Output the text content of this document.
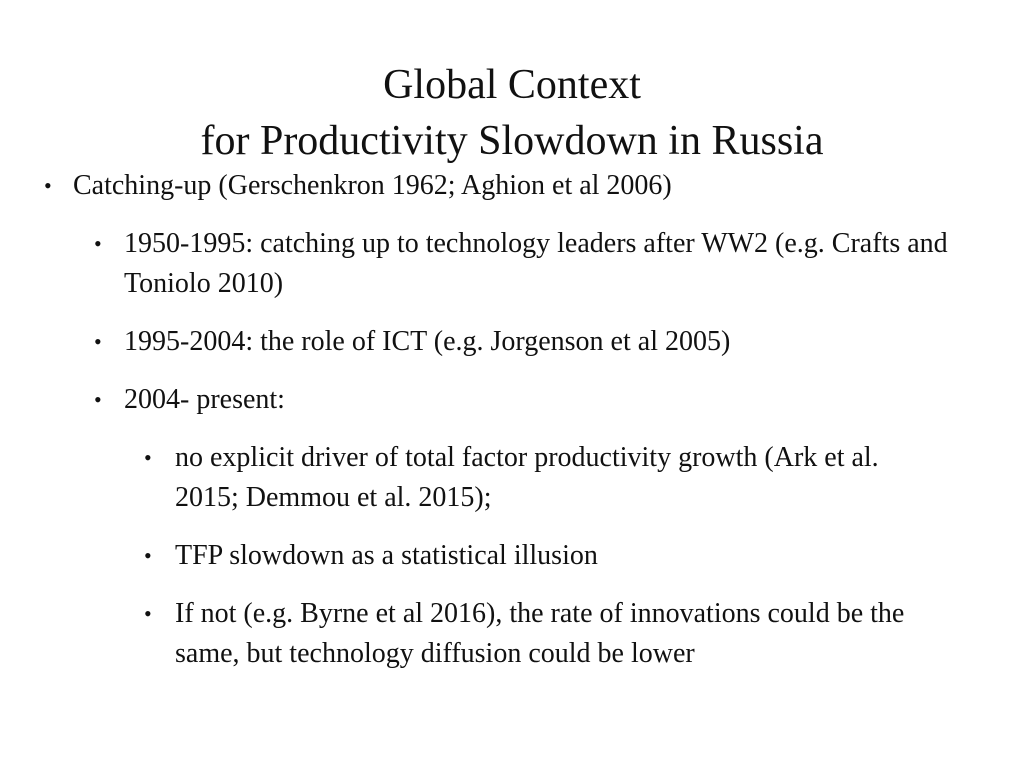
Global Context
for Productivity Slowdown in Russia
• Catching-up (Gerschenkron 1962; Aghion et al 2006)
• 1950-1995: catching up to technology leaders after WW2 (e.g. Crafts and Toniolo 2010)
• 1995-2004: the role of ICT (e.g. Jorgenson et al 2005)
• 2004- present:
• no explicit driver of total factor productivity growth (Ark et al. 2015; Demmou et al. 2015);
• TFP slowdown as a statistical illusion
• If not (e.g. Byrne et al 2016), the rate of innovations could be the same, but technology diffusion could be lower
